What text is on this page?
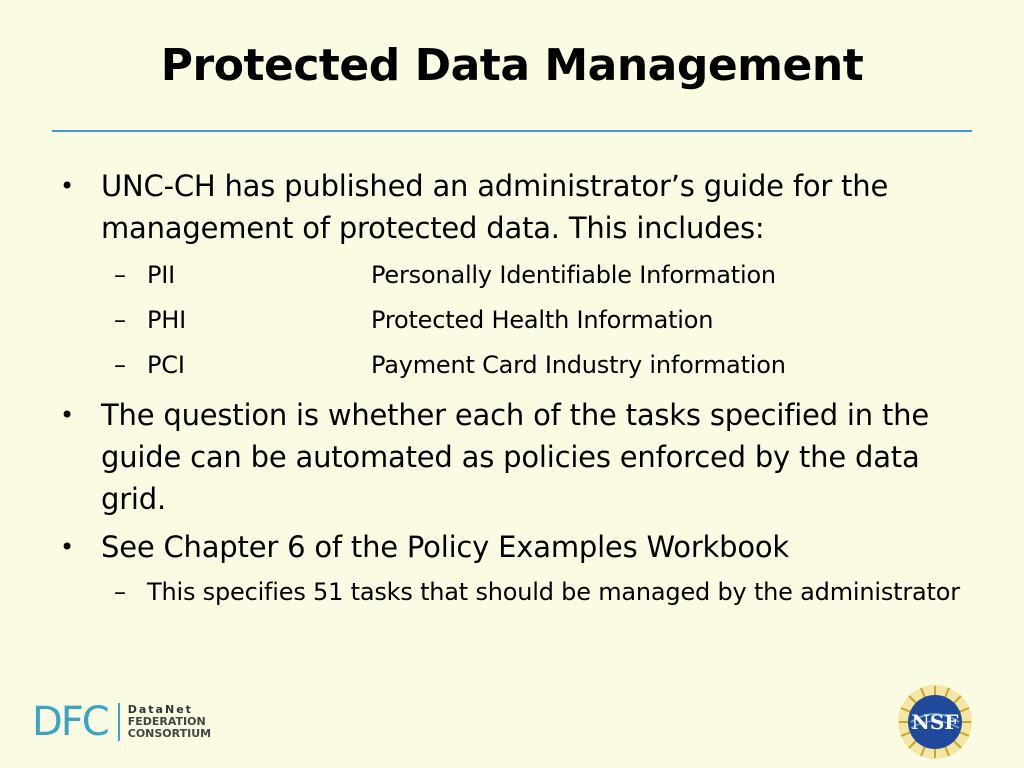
Protected Data Management
• UNC-CH has published an administrator’s guide for the management of protected data. This includes:
– PII	Personally Identifiable Information
– PHI	Protected Health Information
– PCI	Payment Card Industry information
• The question is whether each of the tasks specified in the guide can be automated as policies enforced by the data grid.
• See Chapter 6 of the Policy Examples Workbook
– This specifies 51 tasks that should be managed by the administrator
DFC DataNet
FEDERATION
CONSORTIUM	NSF
